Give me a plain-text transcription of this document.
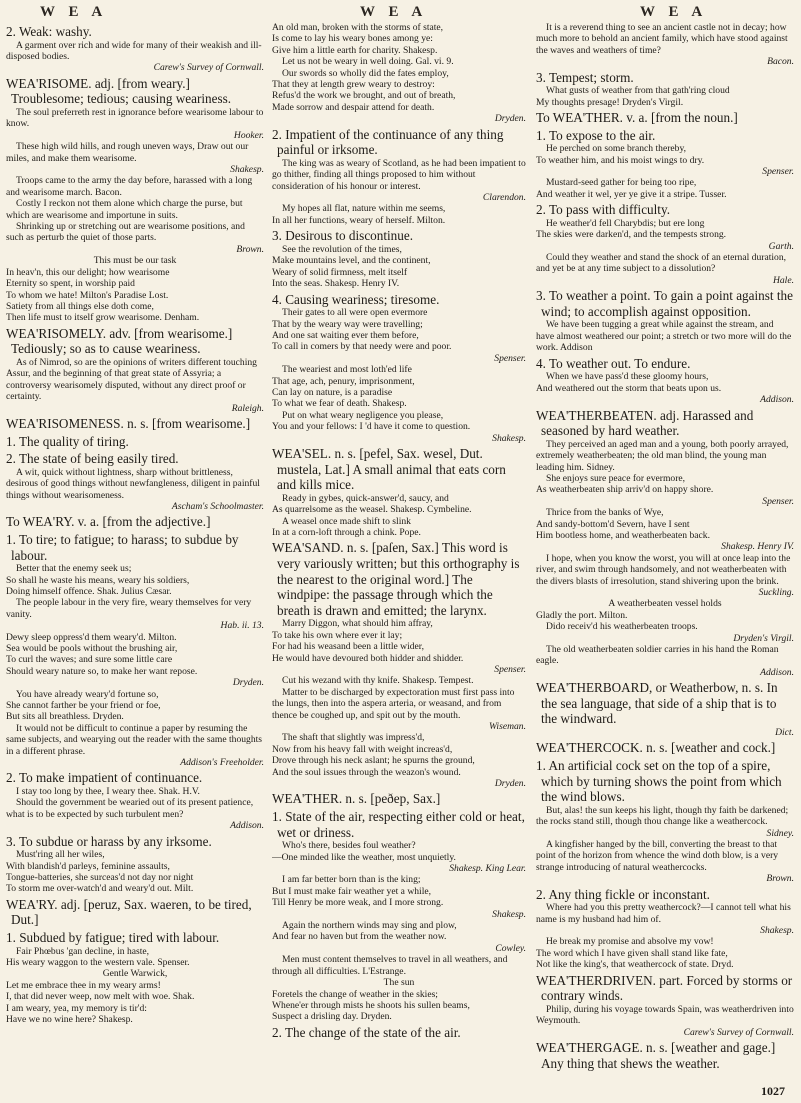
W E A	W E A	W E A

2. Weak: washy.

A garment over rich and wide for many of their weakish and ill-disposed bodies.

Carew's Survey of Cornwall.

WEA'RISOME. adj. [from weary.] Troublesome; tedious; causing weariness.

The soul preferreth rest in ignorance before wearisome labour to know.

Hooker.

These high wild hills, and rough uneven ways, Draw out our miles, and make them wearisome.

Shakesp.

Troops came to the army the day before, harassed with a long and wearisome march. Bacon.

Costly I reckon not them alone which charge the purse, but which are wearisome and importune in suits.

Shrinking up or stretching out are wearisome positions, and such as perturb the quiet of those parts.

Brown.

This must be our task

In heav'n, this our delight; how wearisome

Eternity so spent, in worship paid

To whom we hate! Milton's Paradise Lost.

Satiety from all things else doth come,

Then life must to itself grow wearisome. Denham.

WEA'RISOMELY. adv. [from wearisome.] Tediously; so as to cause weariness.

As of Nimrod, so are the opinions of writers different touching Assur, and the beginning of that great state of Assyria; a controversy wearisomely disputed, without any direct proof or certainty.

Raleigh.

WEA'RISOMENESS. n. s. [from wearisome.]

1. The quality of tiring.

2. The state of being easily tired.

A wit, quick without lightness, sharp without brittleness, desirous of good things without newfangleness, diligent in painful things without wearisomeness.

Ascham's Schoolmaster.

To WEA'RY. v. a. [from the adjective.]

1. To tire; to fatigue; to harass; to subdue by labour.

Better that the enemy seek us;

So shall he waste his means, weary his soldiers,

Doing himself offence. Shak. Julius Cæsar.

The people labour in the very fire, weary themselves for very vanity.

Hab. ii. 13.

Dewy sleep oppress'd them weary'd. Milton.

Sea would be pools without the brushing air,

To curl the waves; and sure some little care

Should weary nature so, to make her want repose.

Dryden.

You have already weary'd fortune so,

She cannot farther be your friend or foe,

But sits all breathless. Dryden.

It would not be difficult to continue a paper by resuming the same subjects, and wearying out the reader with the same thoughts in a different phrase.

Addison's Freeholder.

2. To make impatient of continuance.

I stay too long by thee, I weary thee. Shak. H.V.

Should the government be wearied out of its present patience, what is to be expected by such turbulent men?

Addison.

3. To subdue or harass by any irksome.

Must'ring all her wiles,

With blandish'd parleys, feminine assaults,

Tongue-batteries, she surceas'd not day nor night

To storm me over-watch'd and weary'd out. Milt.

WEA'RY. adj. [peruz, Sax. waeren, to be tired, Dut.]

1. Subdued by fatigue; tired with labour.

Fair Phœbus 'gan decline, in haste,

His weary waggon to the western vale. Spenser.

Gentle Warwick,

Let me embrace thee in my weary arms!

I, that did never weep, now melt with woe. Shak.

I am weary, yea, my memory is tir'd:

Have we no wine here? Shakesp.

An old man, broken with the storms of state,

Is come to lay his weary bones among ye:

Give him a little earth for charity. Shakesp.

Let us not be weary in well doing. Gal. vi. 9.

Our swords so wholly did the fates employ,

That they at length grew weary to destroy:

Refus'd the work we brought, and out of breath,

Made sorrow and despair attend for death.

Dryden.

2. Impatient of the continuance of any thing painful or irksome.

The king was as weary of Scotland, as he had been impatient to go thither, finding all things proposed to him without consideration of his honour or interest.

Clarendon.

My hopes all flat, nature within me seems,

In all her functions, weary of herself. Milton.

3. Desirous to discontinue.

See the revolution of the times,

Make mountains level, and the continent,

Weary of solid firmness, melt itself

Into the seas. Shakesp. Henry IV.

4. Causing weariness; tiresome.

Their gates to all were open evermore

That by the weary way were travelling;

And one sat waiting ever them before,

To call in comers by that needy were and poor.

Spenser.

The weariest and most loth'ed life

That age, ach, penury, imprisonment,

Can lay on nature, is a paradise

To what we fear of death. Shakesp.

Put on what weary negligence you please,

You and your fellows: I 'd have it come to question.

Shakesp.

WEA'SEL. n. s. [pefel, Sax. wesel, Dut. mustela, Lat.] A small animal that eats corn and kills mice.

Ready in gybes, quick-answer'd, saucy, and

As quarrelsome as the weasel. Shakesp. Cymbeline.

A weasel once made shift to slink

In at a corn-loft through a chink. Pope.

WEA'SAND. n. s. [paſen, Sax.] This word is very variously written; but this orthography is the nearest to the original word.] The windpipe: the passage through which the breath is drawn and emitted; the larynx.

Marry Diggon, what should him affray,

To take his own where ever it lay;

For had his weasand been a little wider,

He would have devoured both hidder and shidder.

Spenser.

Cut his wezand with thy knife. Shakesp. Tempest.

Matter to be discharged by expectoration must first pass into the lungs, then into the aspera arteria, or weasand, and from thence be coughed up, and spit out by the mouth.

Wiseman.

The shaft that slightly was impress'd,

Now from his heavy fall with weight increas'd,

Drove through his neck aslant; he spurns the ground,

And the soul issues through the weazon's wound.

Dryden.

WEA'THER. n. s. [peðep, Sax.]

1. State of the air, respecting either cold or heat, wet or driness.

Who's there, besides foul weather?

—One minded like the weather, most unquietly.

Shakesp. King Lear.

I am far better born than is the king;

But I must make fair weather yet a while,

Till Henry be more weak, and I more strong.

Shakesp.

Again the northern winds may sing and plow,

And fear no haven but from the weather now.

Cowley.

Men must content themselves to travel in all weathers, and through all difficulties. L'Estrange.

The sun

Foretels the change of weather in the skies;

Whene'er through mists he shoots his sullen beams,

Suspect a drisling day. Dryden.

2. The change of the state of the air.

It is a reverend thing to see an ancient castle not in decay; how much more to behold an ancient family, which have stood against the waves and weathers of time?

Bacon.

3. Tempest; storm.

What gusts of weather from that gath'ring cloud

My thoughts presage! Dryden's Virgil.

To WEA'THER. v. a. [from the noun.]

1. To expose to the air.

He perched on some branch thereby,

To weather him, and his moist wings to dry.

Spenser.

Mustard-seed gather for being too ripe,

And weather it wel, yer ye give it a stripe. Tusser.

2. To pass with difficulty.

He weather'd fell Charybdis; but ere long

The skies were darken'd, and the tempests strong.

Garth.

Could they weather and stand the shock of an eternal duration, and yet be at any time subject to a dissolution?

Hale.

3. To weather a point. To gain a point against the wind; to accomplish against opposition.

We have been tugging a great while against the stream, and have almost weathered our point; a stretch or two more will do the work. Addison

4. To weather out. To endure.

When we have pass'd these gloomy hours,

And weathered out the storm that beats upon us.

Addison.

WEA'THERBEATEN. adj. Harassed and seasoned by hard weather.

They perceived an aged man and a young, both poorly arrayed, extremely weatherbeaten; the old man blind, the young man leading him. Sidney.

She enjoys sure peace for evermore,

As weatherbeaten ship arriv'd on happy shore.

Spenser.

Thrice from the banks of Wye,

And sandy-bottom'd Severn, have I sent

Him bootless home, and weatherbeaten back.

Shakesp. Henry IV.

I hope, when you know the worst, you will at once leap into the river, and swim through handsomely, and not weatherbeaten with the divers blasts of irresolution, stand shivering upon the brink.

Suckling.

A weatherbeaten vessel holds

Gladly the port. Milton.

Dido receiv'd his weatherbeaten troops.

Dryden's Virgil.

The old weatherbeaten soldier carries in his hand the Roman eagle.

Addison.

WEA'THERBOARD, or Weatherbow, n. s. In the sea language, that side of a ship that is to the windward.

Dict.

WEA'THERCOCK. n. s. [weather and cock.]

1. An artificial cock set on the top of a spire, which by turning shows the point from which the wind blows.

But, alas! the sun keeps his light, though thy faith be darkened; the rocks stand still, though thou change like a weathercock.

Sidney.

A kingfisher hanged by the bill, converting the breast to that point of the horizon from whence the wind doth blow, is a very strange introducing of natural weathercocks.

Brown.

2. Any thing fickle or inconstant.

Where had you this pretty weathercock?—I cannot tell what his name is my husband had him of.

Shakesp.

He break my promise and absolve my vow!

The word which I have given shall stand like fate,

Not like the king's, that weathercock of state. Dryd.

WEA'THERDRIVEN. part. Forced by storms or contrary winds.

Philip, during his voyage towards Spain, was weatherdriven into Weymouth.

Carew's Survey of Cornwall.

WEA'THERGAGE. n. s. [weather and gage.] Any thing that shews the weather.

1027
